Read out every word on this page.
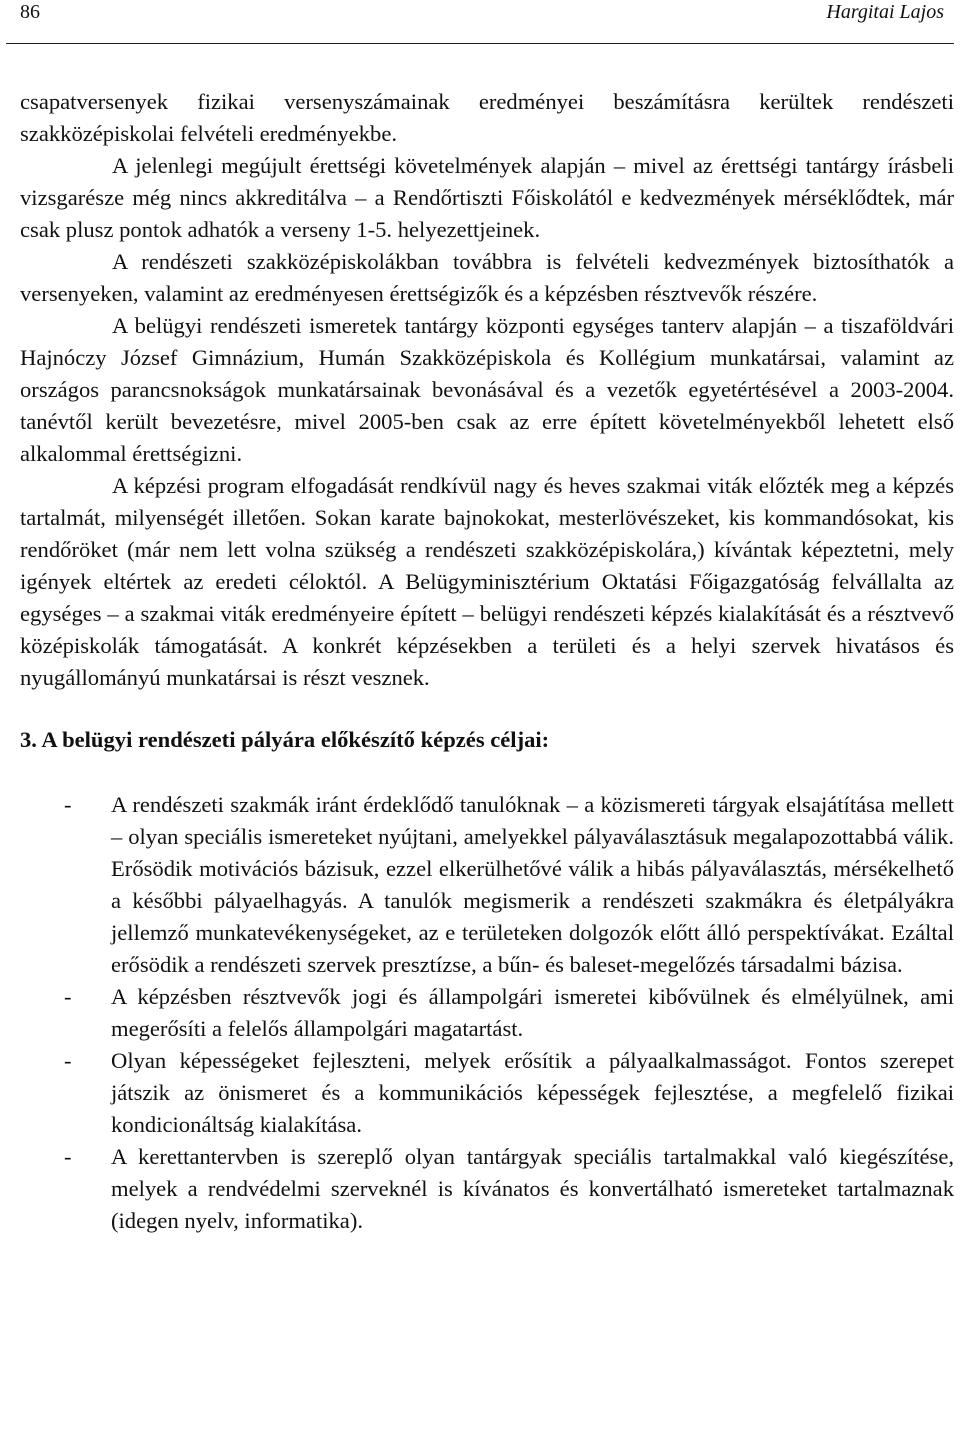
86	Hargitai Lajos

csapatversenyek fizikai versenyszámainak eredményei beszámításra kerültek rendészeti szakközépiskolai felvételi eredményekbe.

A jelenlegi megújult érettségi követelmények alapján – mivel az érettségi tantárgy írásbeli vizsgarésze még nincs akkreditálva – a Rendőrtiszti Főiskolától e kedvezmények mérséklődtek, már csak plusz pontok adhatók a verseny 1-5. helyezettjeinek.

A rendészeti szakközépiskolákban továbbra is felvételi kedvezmények biztosíthatók a versenyeken, valamint az eredményesen érettségizők és a képzésben résztvevők részére.

A belügyi rendészeti ismeretek tantárgy központi egységes tanterv alapján – a tiszaföldvári Hajnóczy József Gimnázium, Humán Szakközépiskola és Kollégium munkatársai, valamint az országos parancsnokságok munkatársainak bevonásával és a vezetők egyetértésével a 2003-2004. tanévtől került bevezetésre, mivel 2005-ben csak az erre épített követelményekből lehetett első alkalommal érettségizni.

A képzési program elfogadását rendkívül nagy és heves szakmai viták előzték meg a képzés tartalmát, milyenségét illetően. Sokan karate bajnokokat, mesterlövészeket, kis kommandósokat, kis rendőröket (már nem lett volna szükség a rendészeti szakközépiskolára,) kívántak képeztetni, mely igények eltértek az eredeti céloktól. A Belügyminisztérium Oktatási Főigazgatóság felvállalta az egységes – a szakmai viták eredményeire épített – belügyi rendészeti képzés kialakítását és a résztvevő középiskolák támogatását. A konkrét képzésekben a területi és a helyi szervek hivatásos és nyugállományú munkatársai is részt vesznek.

3. A belügyi rendészeti pályára előkészítő képzés céljai:
- A rendészeti szakmák iránt érdeklődő tanulóknak – a közismereti tárgyak elsajátítása mellett – olyan speciális ismereteket nyújtani, amelyekkel pályaválasztásuk megalapozottabbá válik. Erősödik motivációs bázisuk, ezzel elkerülhetővé válik a hibás pályaválasztás, mérsékelhető a későbbi pályaelhagyás. A tanulók megismerik a rendészeti szakmákra és életpályákra jellemző munkatevékenységeket, az e területeken dolgozók előtt álló perspektívákat. Ezáltal erősödik a rendészeti szervek presztízse, a bűn- és baleset-megelőzés társadalmi bázisa.
- A képzésben résztvevők jogi és állampolgári ismeretei kibővülnek és elmélyülnek, ami megerősíti a felelős állampolgári magatartást.
- Olyan képességeket fejleszteni, melyek erősítik a pályaalkalmasságot. Fontos szerepet játszik az önismeret és a kommunikációs képességek fejlesztése, a megfelelő fizikai kondicionáltság kialakítása.
- A kerettantervben is szereplő olyan tantárgyak speciális tartalmakkal való kiegészítése, melyek a rendvédelmi szerveknél is kívánatos és konvertálható ismereteket tartalmaznak (idegen nyelv, informatika).
